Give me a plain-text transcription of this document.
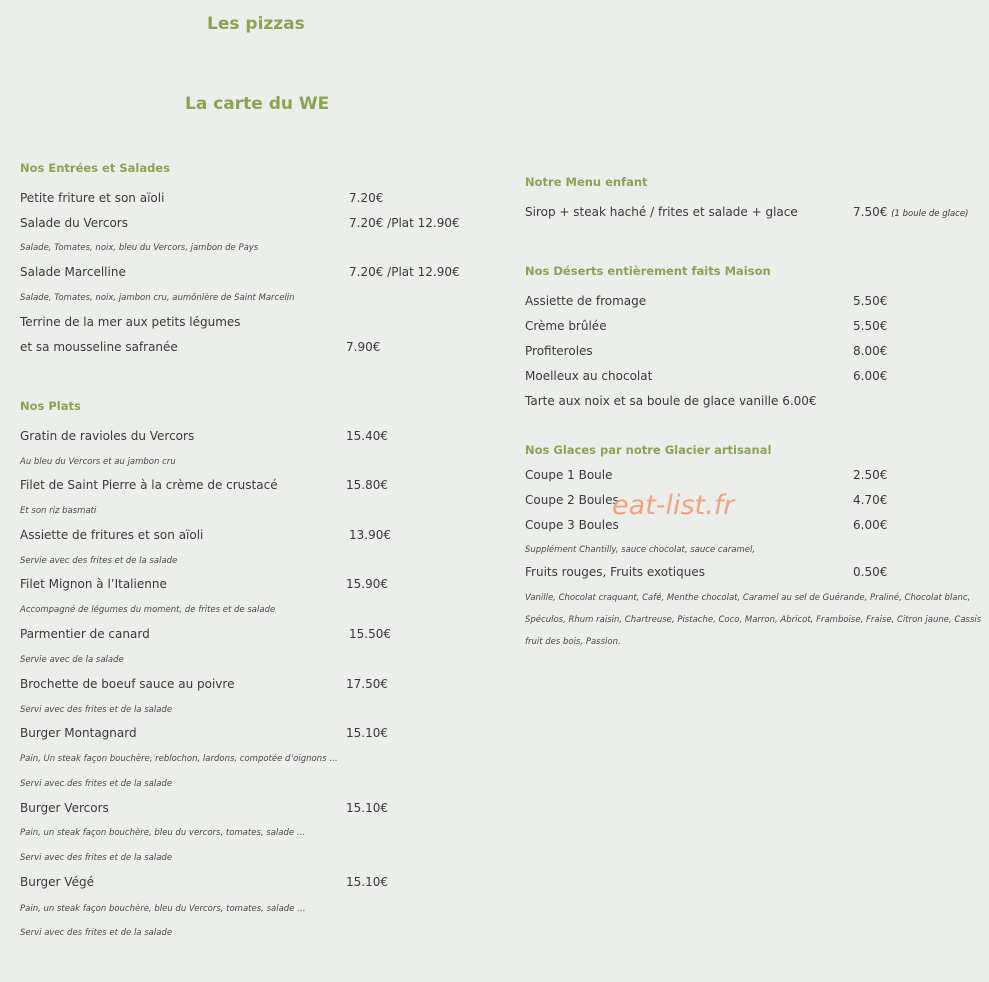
Les pizzas
La carte du WE
Nos Entrées et Salades
Petite friture et son aïoli	7.20€
Salade du Vercors	7.20€ /Plat 12.90€
Salade, Tomates, noix, bleu du Vercors, jambon de Pays
Salade Marcelline	7.20€ /Plat 12.90€
Salade, Tomates, noix, jambon cru, aumônière de Saint Marcelin
Terrine de la mer aux petits légumes
et sa mousseline safranée	7.90€
Nos Plats
Gratin de ravioles du Vercors	15.40€
Au bleu du Vercors et au jambon cru
Filet de Saint Pierre à la crème de crustacé	15.80€
Et son riz basmati
Assiette de fritures et son aïoli	13.90€
Servie avec des frites et de la salade
Filet Mignon à l’Italienne	15.90€
Accompagné de légumes du moment, de frites et de salade
Parmentier de canard	15.50€
Servie avec de la salade
Brochette de boeuf sauce au poivre	17.50€
Servi avec des frites et de la salade
Burger Montagnard	15.10€
Pain, Un steak façon bouchère, reblochon, lardons, compotée d’oignons …
Servi avec des frites et de la salade
Burger Vercors	15.10€
Pain, un steak façon bouchère, bleu du vercors, tomates, salade …
Servi avec des frites et de la salade
Burger Végé	15.10€
Pain, un steak façon bouchère, bleu du Vercors, tomates, salade …
Servi avec des frites et de la salade
Notre Menu enfant
Sirop + steak haché / frites et salade + glace	7.50€ (1 boule de glace)
Nos Déserts entièrement faits Maison
Assiette de fromage	5.50€
Crème brûlée	5.50€
Profiteroles	8.00€
Moelleux au chocolat	6.00€
Tarte aux noix et sa boule de glace vanille 6.00€
Nos Glaces par notre Glacier artisanal
Coupe 1 Boule	2.50€
Coupe 2 Boules	4.70€
Coupe 3 Boules	6.00€
Supplément Chantilly, sauce chocolat, sauce caramel,
Fruits rouges, Fruits exotiques	0.50€
Vanille, Chocolat craquant, Café, Menthe chocolat, Caramel au sel de Guérande, Praliné, Chocolat blanc,
Spéculos, Rhum raisin, Chartreuse, Pistache, Coco, Marron, Abricot, Framboise, Fraise, Citron jaune, Cassis
fruit des bois, Passion.
eat-list.fr
